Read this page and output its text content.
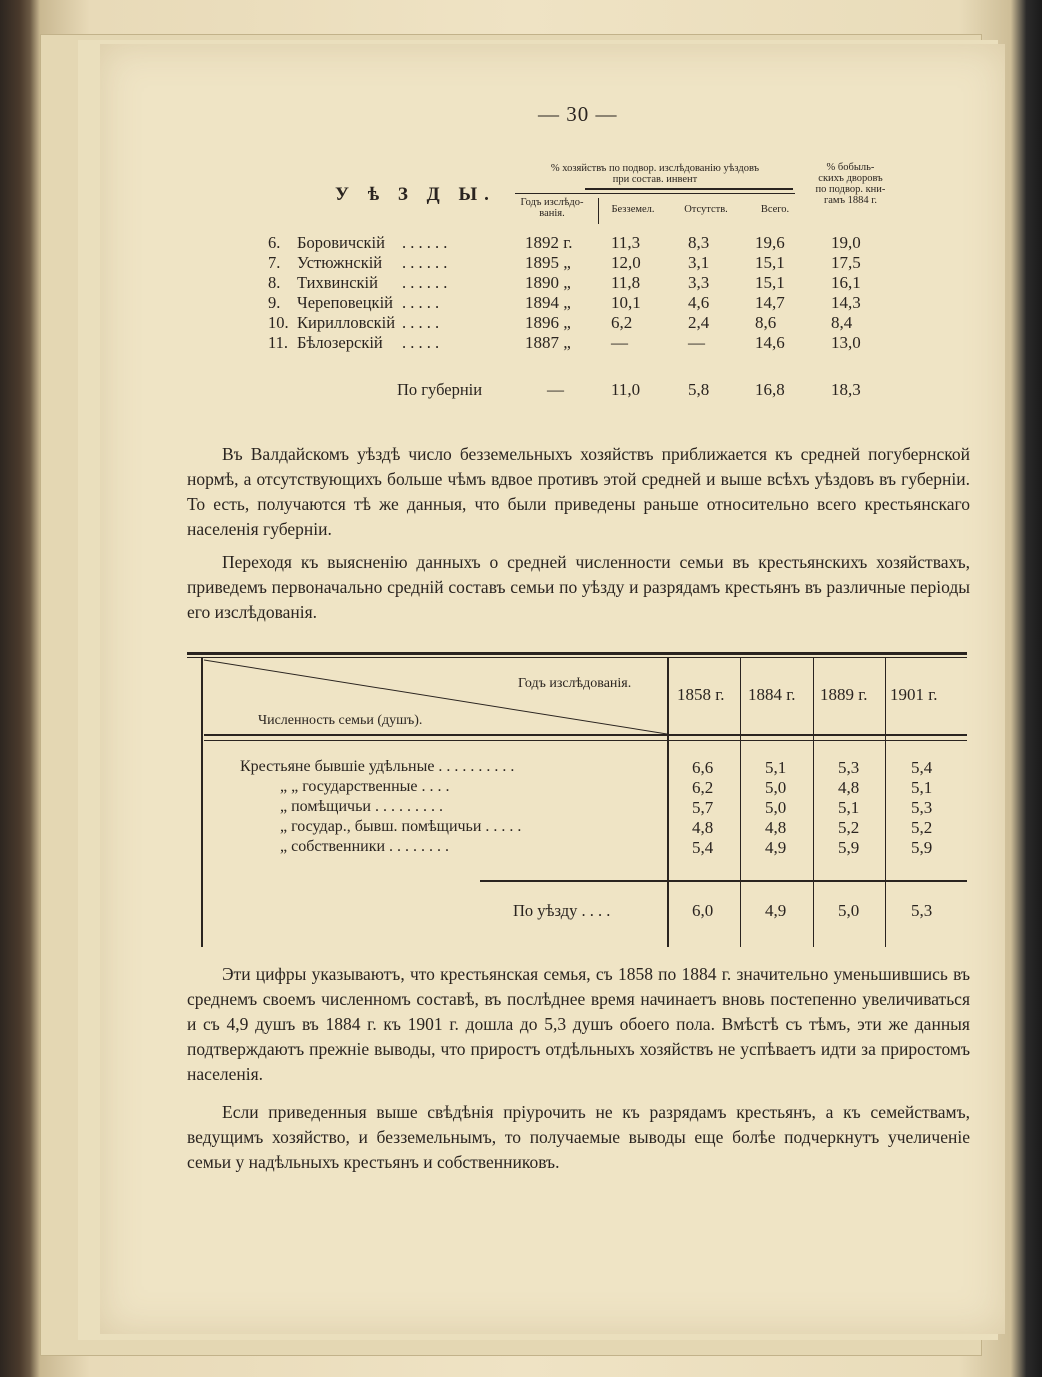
— 30 —
У ѣ З Д Ы.
% хозяйствъ по подвор. изслѣдованію уѣздовъ
при состав. инвент
Годъ изслѣдо-
ванія.	Безземел.	Отсутств.	Всего.
% бобыль-
скихъ дворовъ
по подвор. кни-
гамъ 1884 г.
6. Боровичскій . . . . . .	1892 г. 11,3	8,3	19,6	19,0
7. Устюжнскій . . . . . .	1895 „ 12,0	3,1	15,1	17,5
8. Тихвинскій . . . . . .	1890 „ 11,8	3,3	15,1	16,1
9. Череповецкій . . . . .	1894 „ 10,1	4,6	14,7	14,3
10. Кирилловскій . . . . .	1896 „ 6,2	2,4	8,6	8,4
11. Бѣлозерскій . . . . .	1887 „ —	—	14,6	13,0
По губерніи	—	11,0	5,8	16,8	18,3

Въ Валдайскомъ уѣздѣ число безземельныхъ хозяйствъ приближается къ средней погубернской нормѣ, а отсутствующихъ больше чѣмъ вдвое противъ этой средней и выше всѣхъ уѣздовъ въ губерніи. То есть, получаются тѣ же данныя, что были приведены раньше относительно всего крестьянскаго населенія губерніи.

Переходя къ выясненію данныхъ о средней численности семьи въ крестьянскихъ хозяйствахъ, приведемъ первоначально средній составъ семьи по уѣзду и разрядамъ крестьянъ въ различные періоды его изслѣдованія.

Годъ изслѣдованія.
Численность семьи (душъ).
1858 г. 1884 г. 1889 г. 1901 г.
Крестьяне бывшіе удѣльные . . . . . . . . . .	6,6	5,1	5,3	5,4
„ „ государственные . . . .	6,2	5,0	4,8	5,1
„ помѣщичьи . . . . . . . . .	5,7	5,0	5,1	5,3
„ госудaр., бывш. помѣщичьи . . . . .	4,8	4,8	5,2	5,2
„ собственники . . . . . . . .	5,4	4,9	5,9	5,9
По уѣзду . . . .	6,0	4,9	5,0	5,3

Эти цифры указываютъ, что крестьянская семья, съ 1858 по 1884 г. значительно уменьшившись въ среднемъ своемъ численномъ составѣ, въ послѣднее время начинаетъ вновь постепенно увеличиваться и съ 4,9 душъ въ 1884 г. къ 1901 г. дошла до 5,3 душъ обоего пола. Вмѣстѣ съ тѣмъ, эти же данныя подтверждаютъ прежніе выводы, что приростъ отдѣльныхъ хозяйствъ не успѣваетъ идти за приростомъ населенія.

Если приведенныя выше свѣдѣнія пріурочить не къ разрядамъ крестьянъ, а къ семействамъ, ведущимъ хозяйство, и безземельнымъ, то получаемые выводы еще болѣе подчеркнутъ учеличеніе семьи у надѣльныхъ крестьянъ и собственниковъ.
